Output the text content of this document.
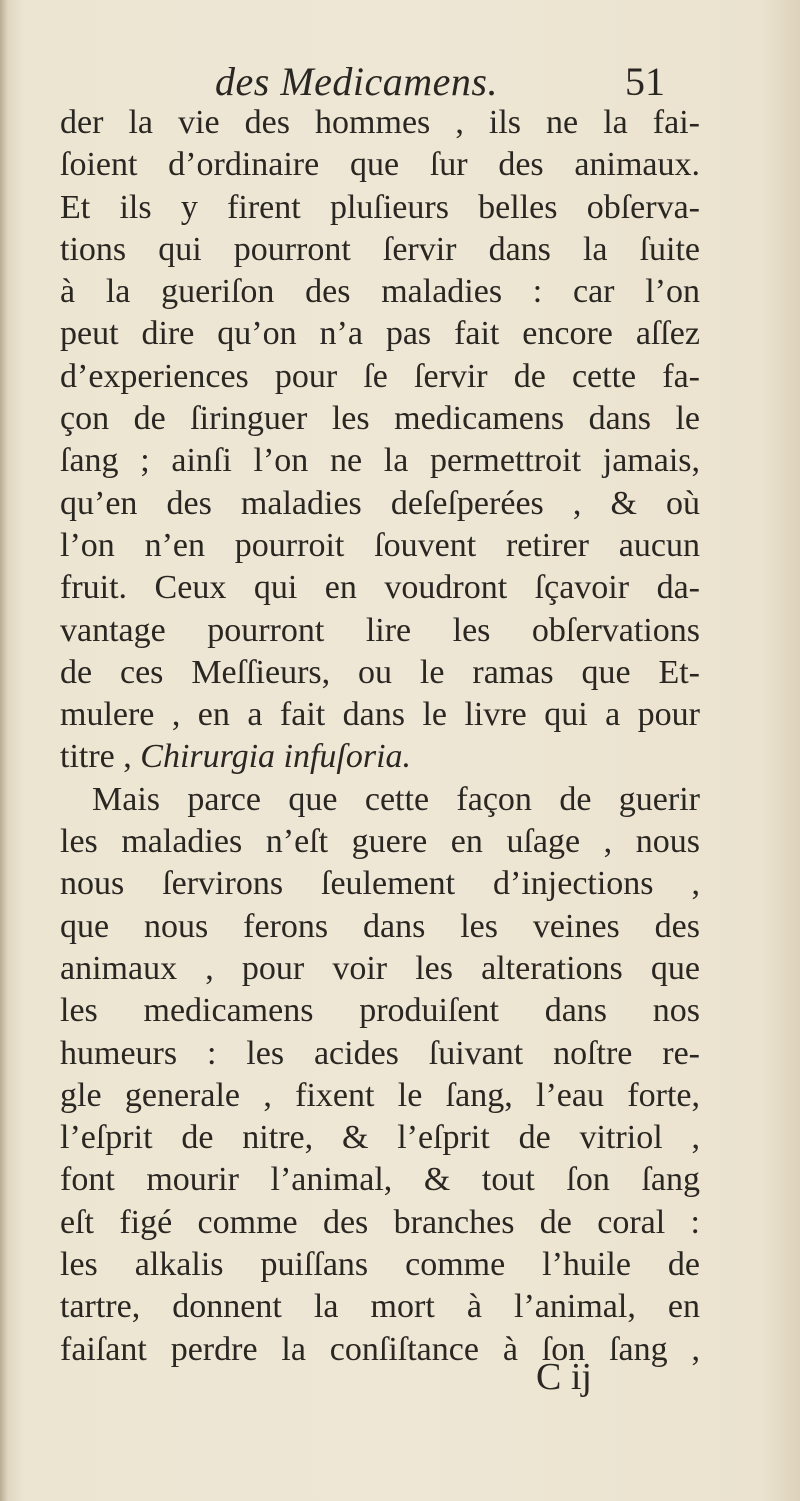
des Medicamens.	51
der la vie des hommes , ils ne la fai-
ſoient d’ordinaire que ſur des animaux.
Et ils y firent pluſieurs belles obſerva-
tions qui pourront ſervir dans la ſuite
à la gueriſon des maladies : car l’on
peut dire qu’on n’a pas fait encore aſſez
d’experiences pour ſe ſervir de cette fa-
çon de ſiringuer les medicamens dans le
ſang ; ainſi l’on ne la permettroit jamais,
qu’en des maladies deſeſperées , & où
l’on n’en pourroit ſouvent retirer aucun
fruit. Ceux qui en voudront ſçavoir da-
vantage pourront lire les obſervations
de ces Meſſieurs, ou le ramas que Et-
mulere , en a fait dans le livre qui a pour
titre , Chirurgia infuſoria.
Mais parce que cette façon de guerir
les maladies n’eſt guere en uſage , nous
nous ſervirons ſeulement d’injections ,
que nous ferons dans les veines des
animaux , pour voir les alterations que
les medicamens produiſent dans nos
humeurs : les acides ſuivant noſtre re-
gle generale , fixent le ſang, l’eau forte,
l’eſprit de nitre, & l’eſprit de vitriol ,
font mourir l’animal, & tout ſon ſang
eſt figé comme des branches de coral :
les alkalis puiſſans comme l’huile de
tartre, donnent la mort à l’animal, en
faiſant perdre la conſiſtance à ſon ſang ,
C ij
